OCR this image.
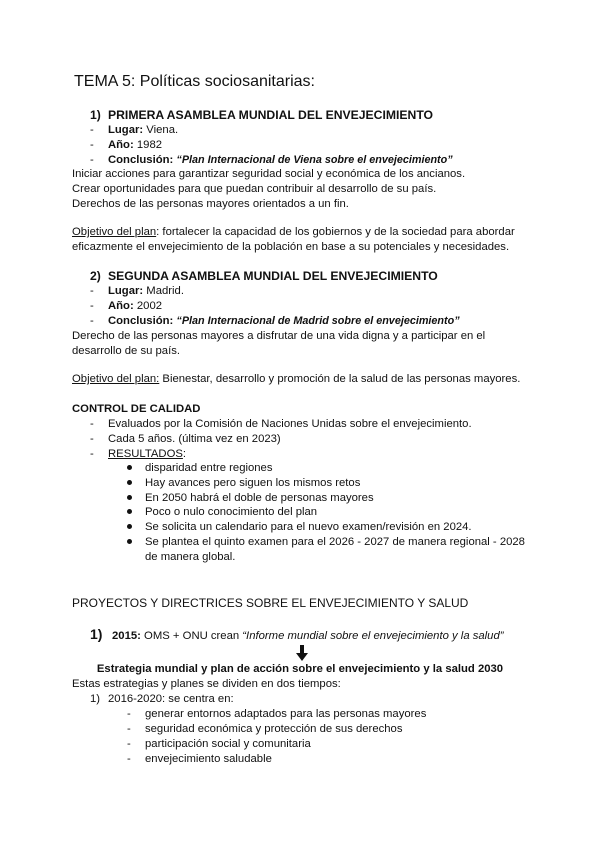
TEMA 5: Políticas sociosanitarias:
1) PRIMERA ASAMBLEA MUNDIAL DEL ENVEJECIMIENTO
- Lugar: Viena.
- Año: 1982
- Conclusión: “Plan Internacional de Viena sobre el envejecimiento”
Iniciar acciones para garantizar seguridad social y económica de los ancianos.
Crear oportunidades para que puedan contribuir al desarrollo de su país.
Derechos de las personas mayores orientados a un fin.
Objetivo del plan: fortalecer la capacidad de los gobiernos y de la sociedad para abordar
eficazmente el envejecimiento de la población en base a su potenciales y necesidades.
2) SEGUNDA ASAMBLEA MUNDIAL DEL ENVEJECIMIENTO
- Lugar: Madrid.
- Año: 2002
- Conclusión: “Plan Internacional de Madrid sobre el envejecimiento”
Derecho de las personas mayores a disfrutar de una vida digna y a participar en el
desarrollo de su país.
Objetivo del plan: Bienestar, desarrollo y promoción de la salud de las personas mayores.
CONTROL DE CALIDAD
- Evaluados por la Comisión de Naciones Unidas sobre el envejecimiento.
- Cada 5 años. (última vez en 2023)
- RESULTADOS:
disparidad entre regiones
Hay avances pero siguen los mismos retos
En 2050 habrá el doble de personas mayores
Poco o nulo conocimiento del plan
Se solicita un calendario para el nuevo examen/revisión en 2024.
Se plantea el quinto examen para el 2026 - 2027 de manera regional - 2028
de manera global.
PROYECTOS Y DIRECTRICES SOBRE EL ENVEJECIMIENTO Y SALUD
1) 2015: OMS + ONU crean “Informe mundial sobre el envejecimiento y la salud”
Estrategia mundial y plan de acción sobre el envejecimiento y la salud 2030
Estas estrategias y planes se dividen en dos tiempos:
1) 2016-2020: se centra en:
- generar entornos adaptados para las personas mayores
- seguridad económica y protección de sus derechos
- participación social y comunitaria
- envejecimiento saludable
